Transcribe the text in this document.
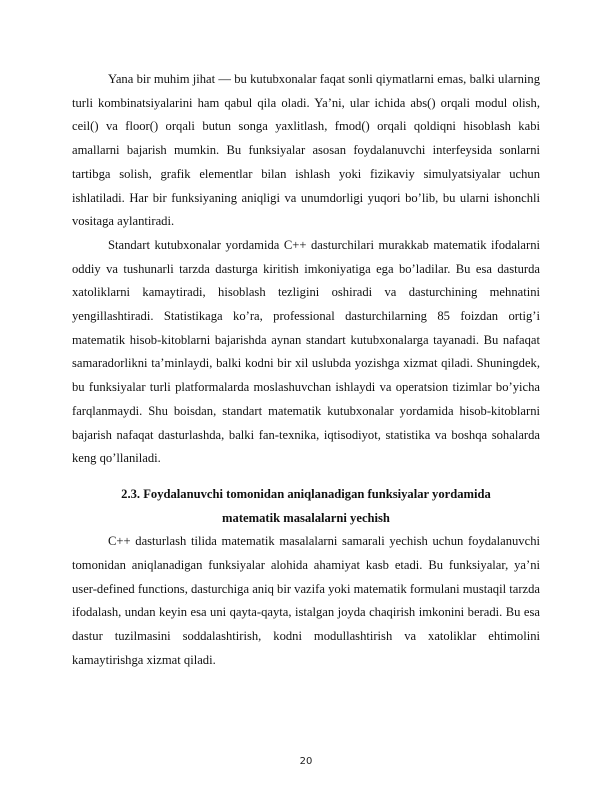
Yana bir muhim jihat — bu kutubxonalar faqat sonli qiymatlarni emas, balki ularning turli kombinatsiyalarini ham qabul qila oladi. Ya’ni, ular ichida abs() orqali modul olish, ceil() va floor() orqali butun songa yaxlitlash, fmod() orqali qoldiqni hisoblash kabi amallarni bajarish mumkin. Bu funksiyalar asosan foydalanuvchi interfeysida sonlarni tartibga solish, grafik elementlar bilan ishlash yoki fizikaviy simulyatsiyalar uchun ishlatiladi. Har bir funksiyaning aniqligi va unumdorligi yuqori bo’lib, bu ularni ishonchli vositaga aylantiradi.

Standart kutubxonalar yordamida C++ dasturchilari murakkab matematik ifodalarni oddiy va tushunarli tarzda dasturga kiritish imkoniyatiga ega bo’ladilar. Bu esa dasturda xatoliklarni kamaytiradi, hisoblash tezligini oshiradi va dasturchining mehnatini yengillashtiradi. Statistikaga ko’ra, professional dasturchilarning 85 foizdan ortig’i matematik hisob-kitoblarni bajarishda aynan standart kutubxonalarga tayanadi. Bu nafaqat samaradorlikni ta’minlaydi, balki kodni bir xil uslubda yozishga xizmat qiladi. Shuningdek, bu funksiyalar turli platformalarda moslashuvchan ishlaydi va operatsion tizimlar bo’yicha farqlanmaydi. Shu boisdan, standart matematik kutubxonalar yordamida hisob-kitoblarni bajarish nafaqat dasturlashda, balki fan-texnika, iqtisodiyot, statistika va boshqa sohalarda keng qo’llaniladi.

2.3. Foydalanuvchi tomonidan aniqlanadigan funksiyalar yordamida
matematik masalalarni yechish

C++ dasturlash tilida matematik masalalarni samarali yechish uchun foydalanuvchi tomonidan aniqlanadigan funksiyalar alohida ahamiyat kasb etadi. Bu funksiyalar, ya’ni user-defined functions, dasturchiga aniq bir vazifa yoki matematik formulani mustaqil tarzda ifodalash, undan keyin esa uni qayta-qayta, istalgan joyda chaqirish imkonini beradi. Bu esa dastur tuzilmasini soddalashtirish, kodni modullashtirish va xatoliklar ehtimolini kamaytirishga xizmat qiladi.

20
